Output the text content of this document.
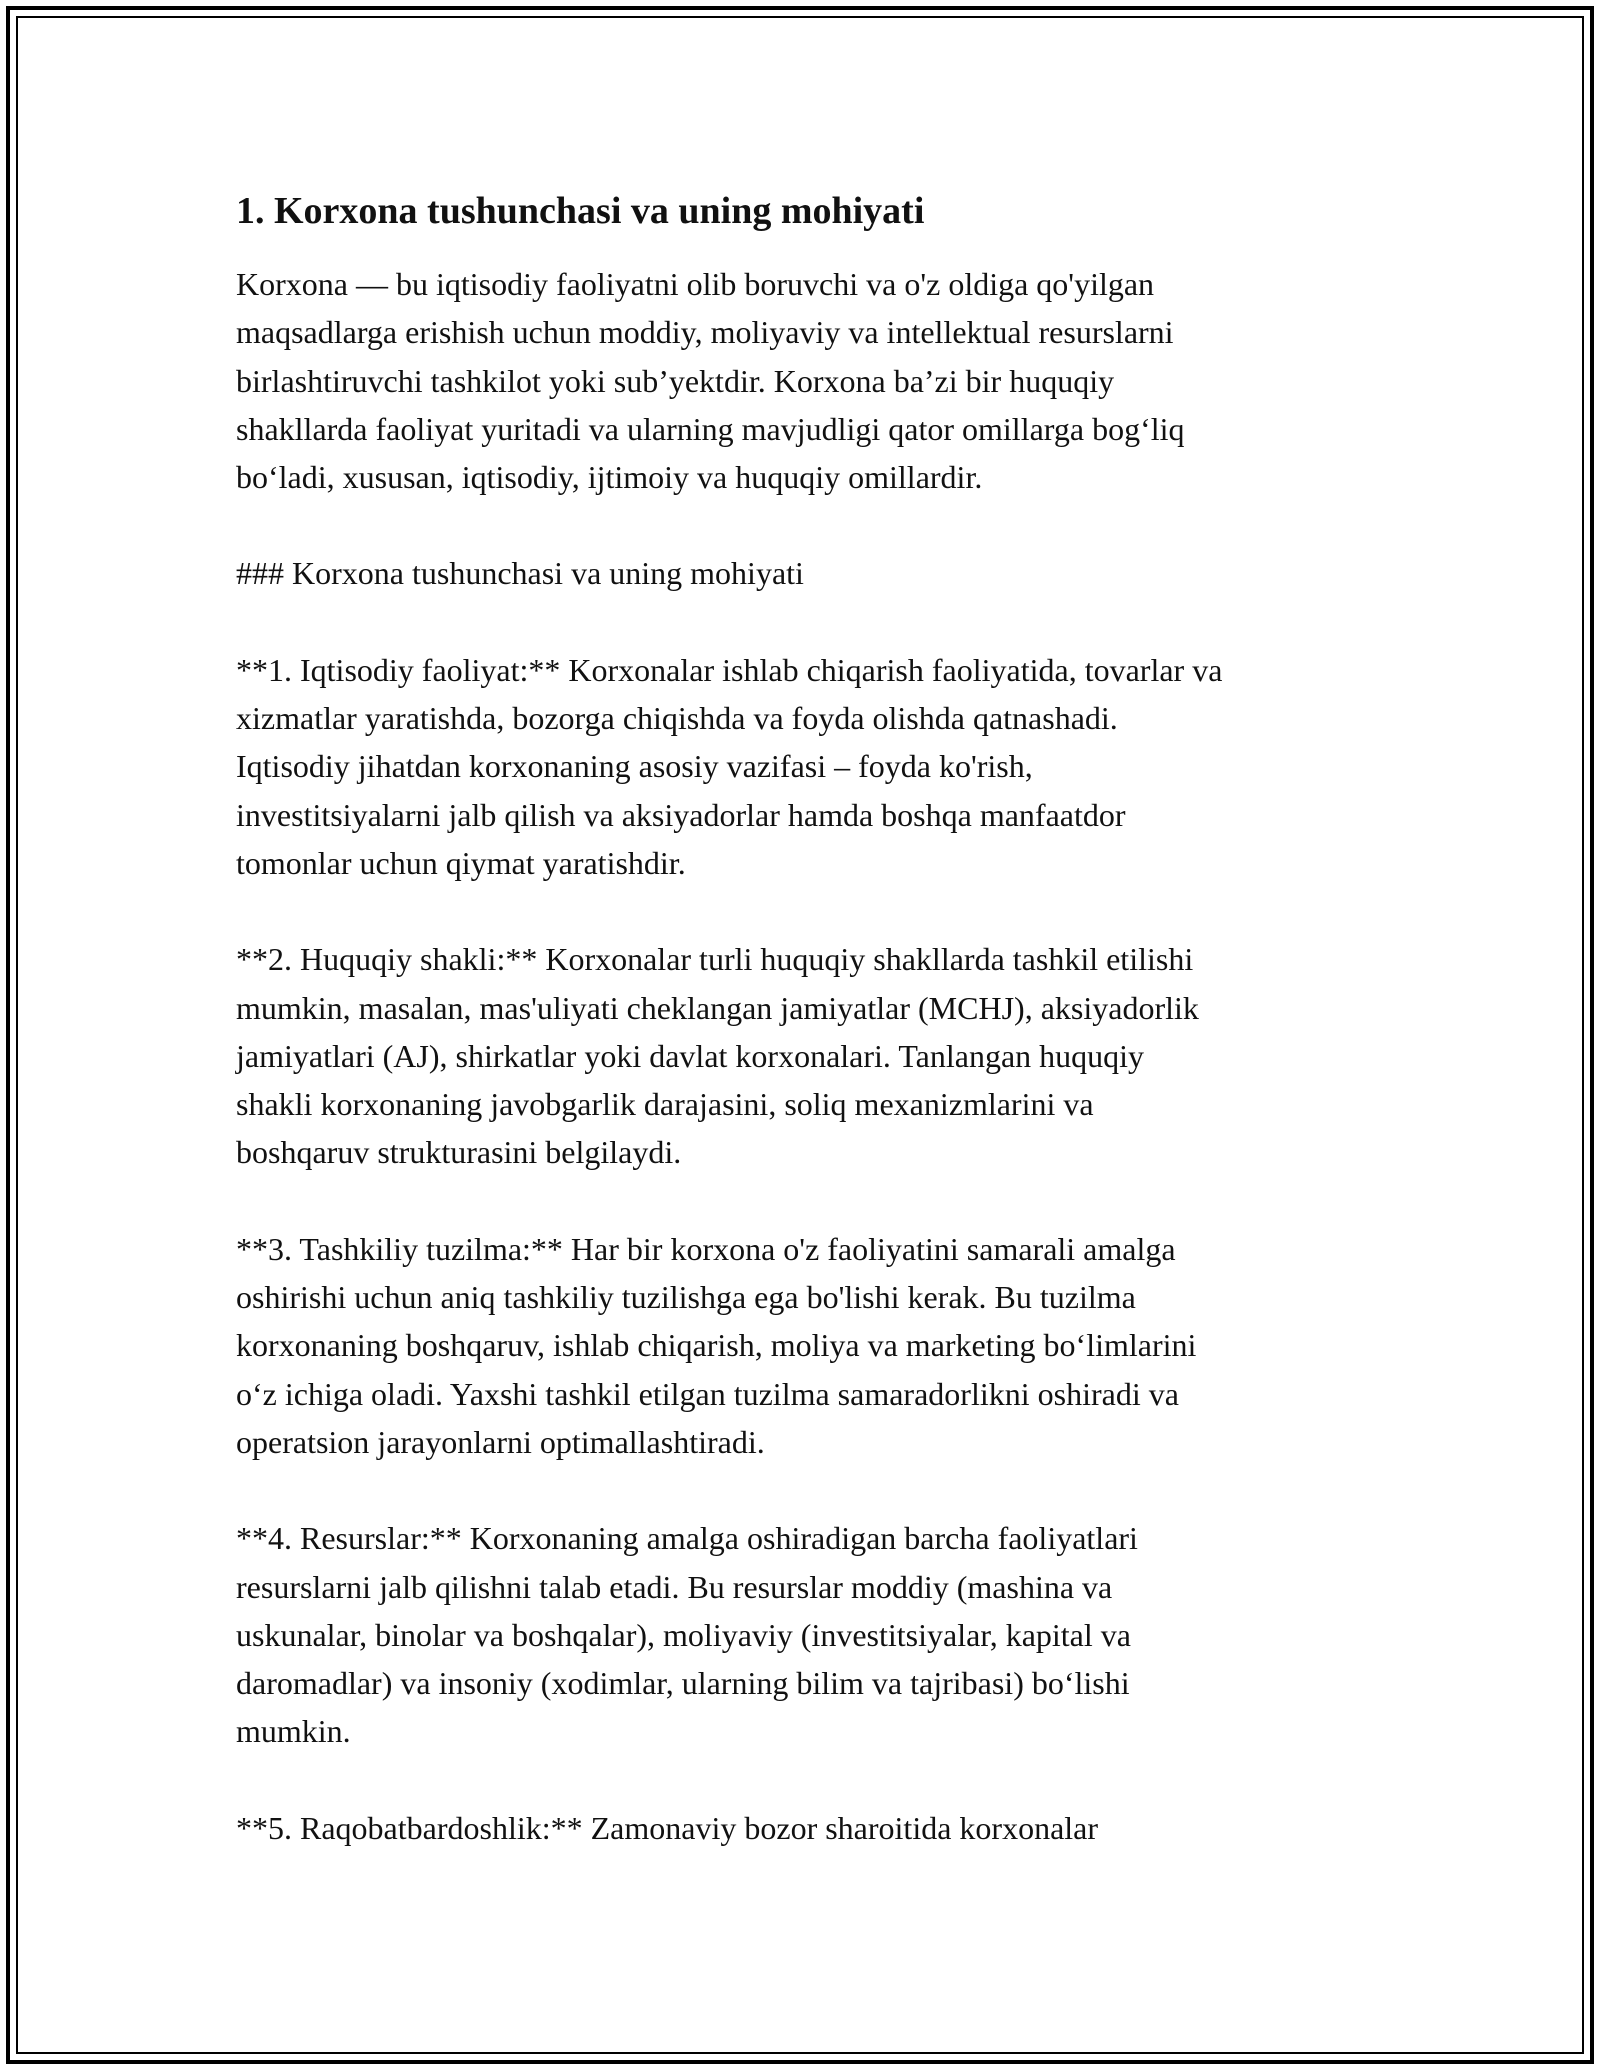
1. Korxona tushunchasi va uning mohiyati

Korxona — bu iqtisodiy faoliyatni olib boruvchi va o'z oldiga qo'yilgan
maqsadlarga erishish uchun moddiy, moliyaviy va intellektual resurslarni
birlashtiruvchi tashkilot yoki sub’yektdir. Korxona ba’zi bir huquqiy
shakllarda faoliyat yuritadi va ularning mavjudligi qator omillarga bog‘liq
bo‘ladi, xususan, iqtisodiy, ijtimoiy va huquqiy omillardir.

### Korxona tushunchasi va uning mohiyati

**1. Iqtisodiy faoliyat:** Korxonalar ishlab chiqarish faoliyatida, tovarlar va
xizmatlar yaratishda, bozorga chiqishda va foyda olishda qatnashadi.
Iqtisodiy jihatdan korxonaning asosiy vazifasi – foyda ko'rish,
investitsiyalarni jalb qilish va aksiyadorlar hamda boshqa manfaatdor
tomonlar uchun qiymat yaratishdir.

**2. Huquqiy shakli:** Korxonalar turli huquqiy shakllarda tashkil etilishi
mumkin, masalan, mas'uliyati cheklangan jamiyatlar (MCHJ), aksiyadorlik
jamiyatlari (AJ), shirkatlar yoki davlat korxonalari. Tanlangan huquqiy
shakli korxonaning javobgarlik darajasini, soliq mexanizmlarini va
boshqaruv strukturasini belgilaydi.

**3. Tashkiliy tuzilma:** Har bir korxona o'z faoliyatini samarali amalga
oshirishi uchun aniq tashkiliy tuzilishga ega bo'lishi kerak. Bu tuzilma
korxonaning boshqaruv, ishlab chiqarish, moliya va marketing bo‘limlarini
o‘z ichiga oladi. Yaxshi tashkil etilgan tuzilma samaradorlikni oshiradi va
operatsion jarayonlarni optimallashtiradi.

**4. Resurslar:** Korxonaning amalga oshiradigan barcha faoliyatlari
resurslarni jalb qilishni talab etadi. Bu resurslar moddiy (mashina va
uskunalar, binolar va boshqalar), moliyaviy (investitsiyalar, kapital va
daromadlar) va insoniy (xodimlar, ularning bilim va tajribasi) bo‘lishi
mumkin.

**5. Raqobatbardoshlik:** Zamonaviy bozor sharoitida korxonalar
